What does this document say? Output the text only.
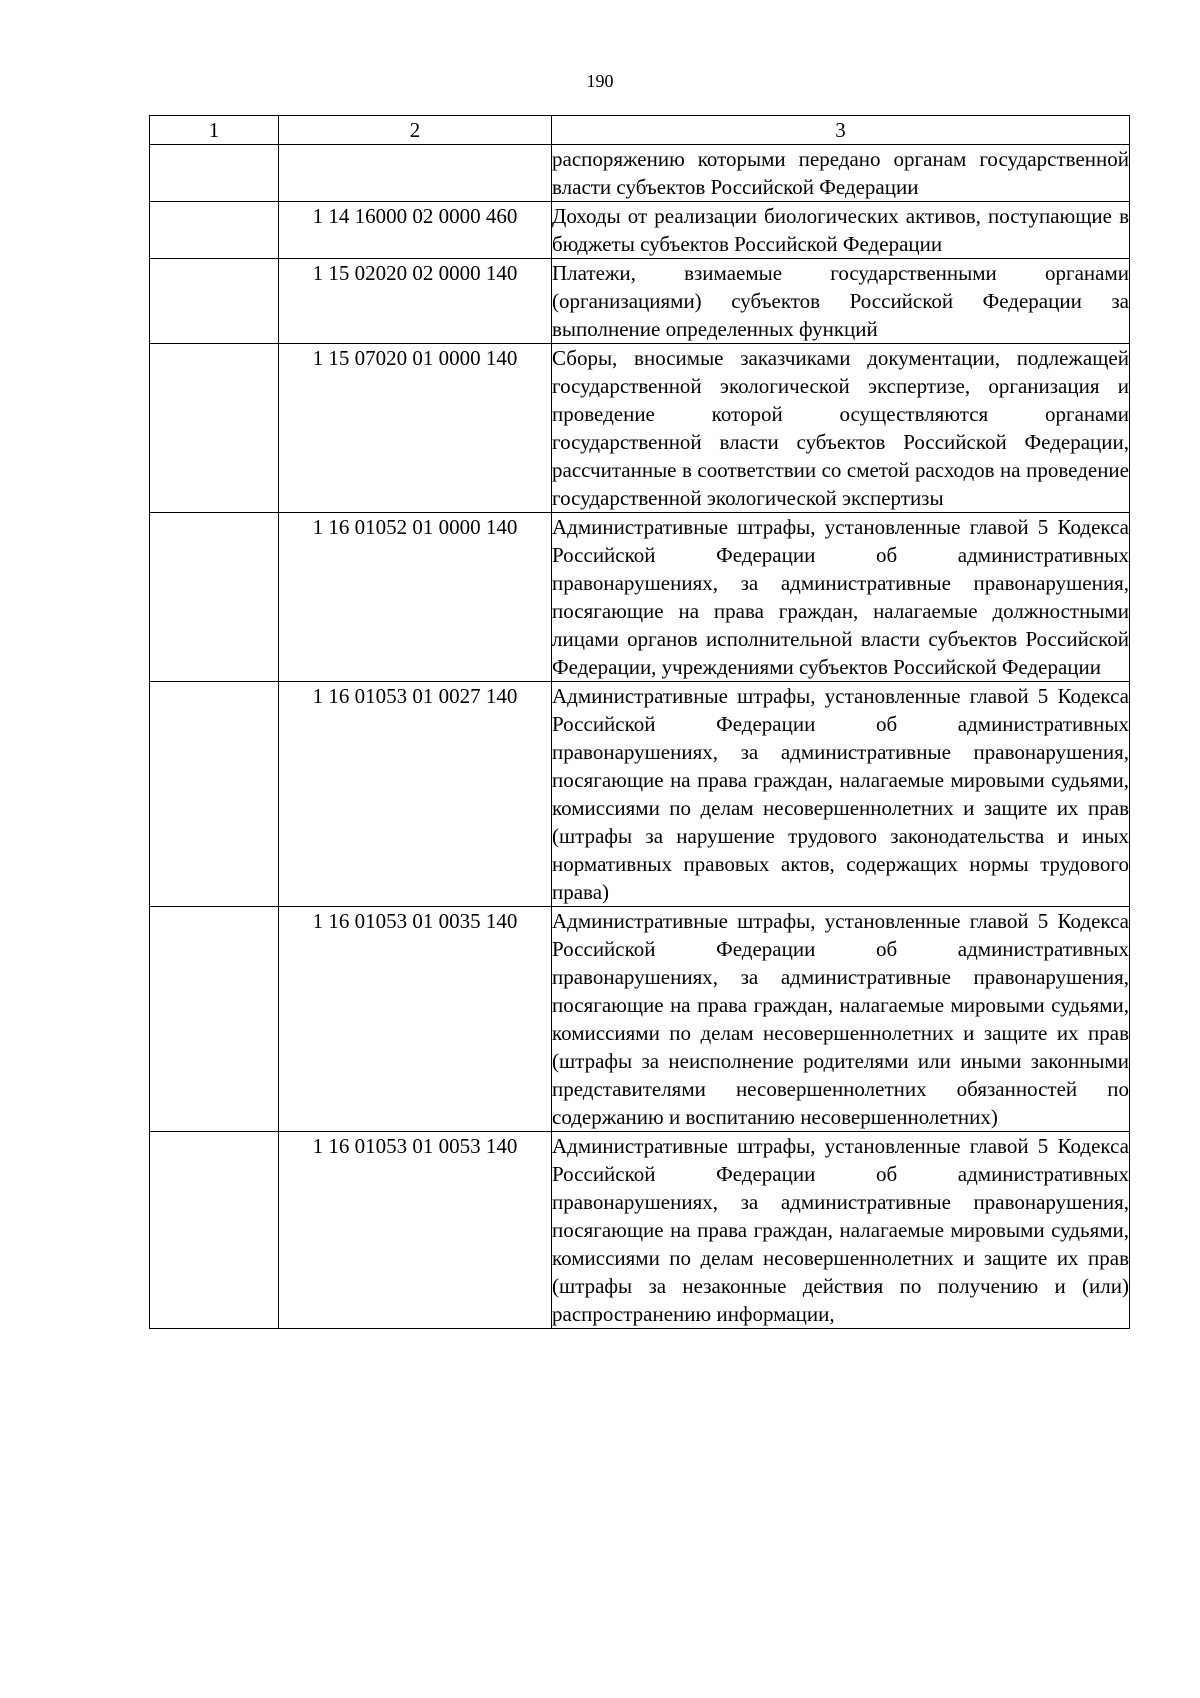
190
1	2	3
		распоряжению которыми передано органам государственной власти субъектов Российской Федерации
	1 14 16000 02 0000 460	Доходы от реализации биологических активов, поступающие в бюджеты субъектов Российской Федерации
	1 15 02020 02 0000 140	Платежи, взимаемые государственными органами (организациями) субъектов Российской Федерации за выполнение определенных функций
	1 15 07020 01 0000 140	Сборы, вносимые заказчиками документации, подлежащей государственной экологической экспертизе, организация и проведение которой осуществляются органами государственной власти субъектов Российской Федерации, рассчитанные в соответствии со сметой расходов на проведение государственной экологической экспертизы
	1 16 01052 01 0000 140	Административные штрафы, установленные главой 5 Кодекса Российской Федерации об административных правонарушениях, за административные правонарушения, посягающие на права граждан, налагаемые должностными лицами органов исполнительной власти субъектов Российской Федерации, учреждениями субъектов Российской Федерации
	1 16 01053 01 0027 140	Административные штрафы, установленные главой 5 Кодекса Российской Федерации об административных правонарушениях, за административные правонарушения, посягающие на права граждан, налагаемые мировыми судьями, комиссиями по делам несовершеннолетних и защите их прав (штрафы за нарушение трудового законодательства и иных нормативных правовых актов, содержащих нормы трудового права)
	1 16 01053 01 0035 140	Административные штрафы, установленные главой 5 Кодекса Российской Федерации об административных правонарушениях, за административные правонарушения, посягающие на права граждан, налагаемые мировыми судьями, комиссиями по делам несовершеннолетних и защите их прав (штрафы за неисполнение родителями или иными законными представителями несовершеннолетних обязанностей по содержанию и воспитанию несовершеннолетних)
	1 16 01053 01 0053 140	Административные штрафы, установленные главой 5 Кодекса Российской Федерации об административных правонарушениях, за административные правонарушения, посягающие на права граждан, налагаемые мировыми судьями, комиссиями по делам несовершеннолетних и защите их прав (штрафы за незаконные действия по получению и (или) распространению информации,
